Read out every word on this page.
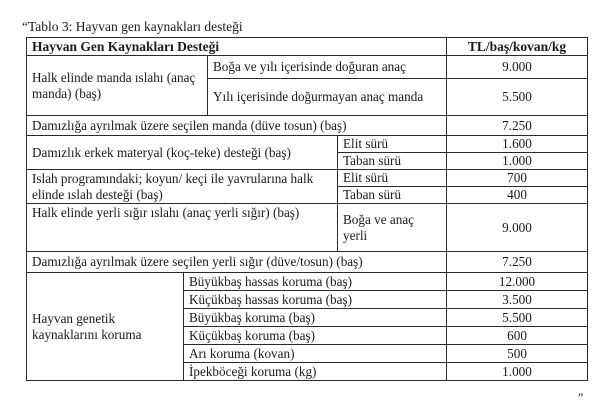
“Tablo 3: Hayvan gen kaynakları desteği
Hayvan Gen Kaynakları Desteği				TL/baş/kovan/kg
Halk elinde manda ıslahı (anaç manda) (baş)		Boğa ve yılı içerisinde doğuran anaç		9.000
		Yılı içerisinde doğurmayan anaç manda		5.500
Damızlığa ayrılmak üzere seçilen manda (düve tosun) (baş)				7.250
Damızlık erkek materyal (koç-teke) desteği (baş)			Elit sürü	1.600
			Taban sürü	1.000
Islah programındaki; koyun/ keçi ile yavrularına halk elinde ıslah desteği (baş)			Elit sürü	700
			Taban sürü	400
Halk elinde yerli sığır ıslahı (anaç yerli sığır) (baş)			Boğa ve anaç yerli	9.000
Damızlığa ayrılmak üzere seçilen yerli sığır (düve/tosun) (baş)				7.250
Hayvan genetik kaynaklarını koruma	Büyükbaş hassas koruma (baş)			12.000
	Küçükbaş hassas koruma (baş)			3.500
	Büyükbaş koruma (baş)			5.500
	Küçükbaş koruma (baş)			600
	Arı koruma (kovan)			500
	İpekböceği koruma (kg)			1.000
”
